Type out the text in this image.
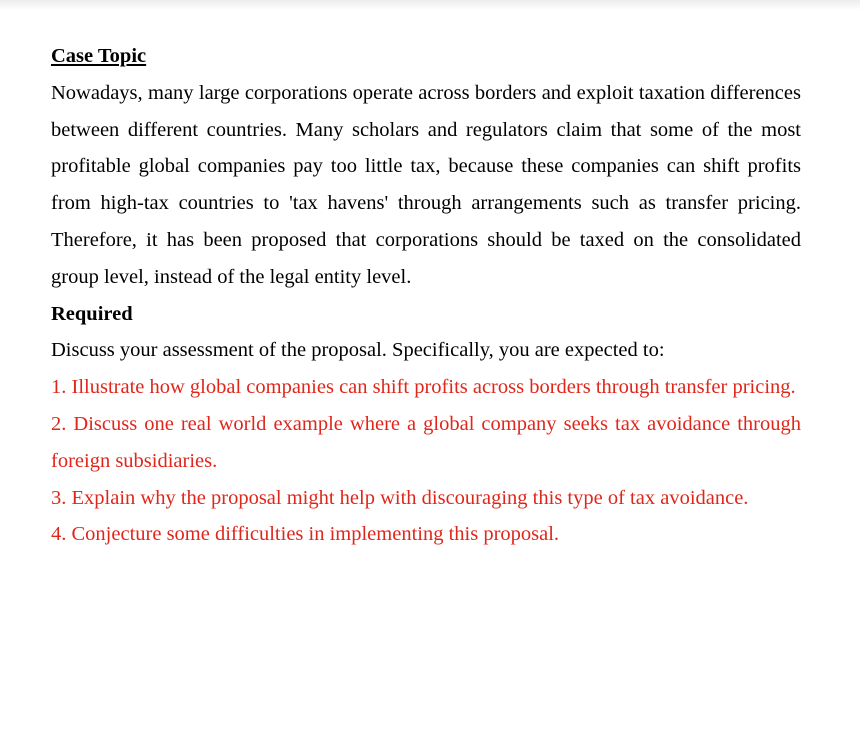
Case Topic

Nowadays, many large corporations operate across borders and exploit taxation differences between different countries. Many scholars and regulators claim that some of the most profitable global companies pay too little tax, because these companies can shift profits from high-tax countries to 'tax havens' through arrangements such as transfer pricing. Therefore, it has been proposed that corporations should be taxed on the consolidated group level, instead of the legal entity level.

Required

Discuss your assessment of the proposal. Specifically, you are expected to:

1. Illustrate how global companies can shift profits across borders through transfer pricing.

2. Discuss one real world example where a global company seeks tax avoidance through foreign subsidiaries.

3. Explain why the proposal might help with discouraging this type of tax avoidance.

4. Conjecture some difficulties in implementing this proposal.
